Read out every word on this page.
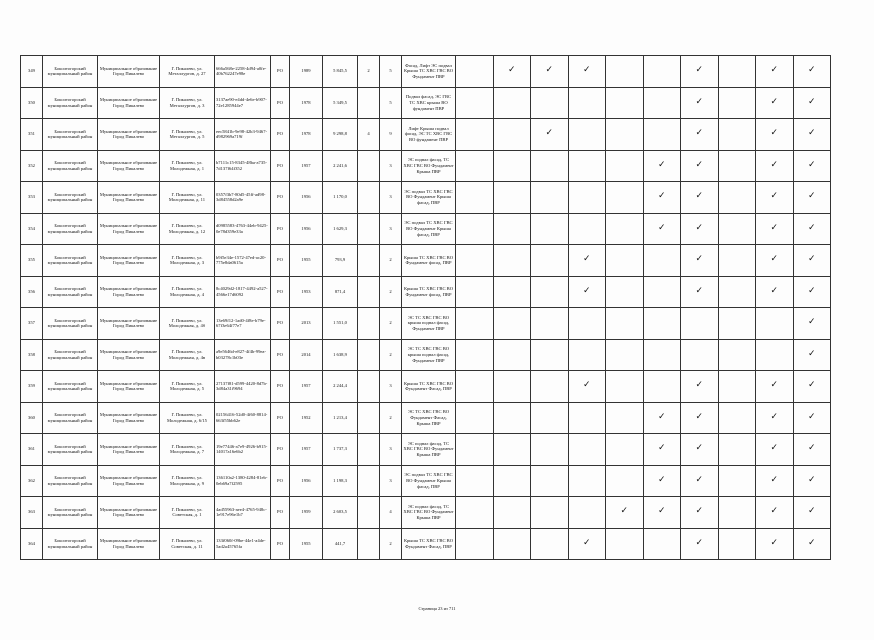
349	Бокситогорский муниципальный район	Муниципальное образование Город Пикалево	Г. Пикалево, ул. Металлургов, д. 27	666a568e-2258-4d94-a0fe-40b762247e98e	РО	1989	5 845,5	2	5	Фасад, Лифт ЭС подвал Крыша ТС ХВС ГВС ВО Фундамент ПВР		✓	✓	✓			✓		✓	✓
350	Бокситогорский муниципальный район	Муниципальное образование Город Пикалево	Г. Пикалево, ул. Металлургов, д. 3	3137ae90-e4dd-4e6e-b907-72e1285944e7	РО	1978	5 349,5		5	Подвал фасад, ЭС ГВС ТС ХВС крыша ВО фундамент ПВР							✓		✓	✓
351	Бокситогорский муниципальный район	Муниципальное образование Город Пикалево	Г. Пикалево, ул. Металлургов, д. 5	eec5841b-9e98-42b3-9467-d982969a719f	РО	1978	9 298,8	4	9	Лифт Крыша подвал фасад, ЭС ТС ХВС ГВС ВО фундамент ПВР			✓				✓		✓	✓
352	Бокситогорский муниципальный район	Муниципальное образование Город Пикалево	Г. Пикалево, ул. Молодежная, д. 1	b7111c15-8345-48ba-a735-7d137f64f352	РО	1957	2 241,6		3	ЭС подвал фасад, ТС ХВС ГВС ВО Фундамент Крыша ПВР						✓	✓		✓	✓
353	Бокситогорский муниципальный район	Муниципальное образование Город Пикалево	Г. Пикалево, ул. Молодежная, д. 11	0357f3b7-80d5-45ff-ad98-3d84558d2a9e	РО	1956	1 170,0		3	ЭС подвал ТС ХВС ГВС ВО Фундамент Крыша фасад, ПВР						✓	✓		✓	✓
354	Бокситогорский муниципальный район	Муниципальное образование Город Пикалево	Г. Пикалево, ул. Молодежная, д. 12	d0985583-4763-44eb-9425-0e78d359e33a	РО	1956	1 629,3		3	ЭС подвал ТС ХВС ГВС ВО Фундамент Крыша фасад, ПВР						✓	✓		✓	✓
355	Бокситогорский муниципальный район	Муниципальное образование Город Пикалево	Г. Пикалево, ул. Молодежная, д. 3	b9f5e34e-1572-47ed-ac20-775e8da0615a	РО	1955	793,9		2	Крыша ТС ХВС ГВС ВО Фундамент фасад, ПВР				✓			✓		✓	✓
356	Бокситогорский муниципальный район	Муниципальное образование Город Пикалево	Г. Пикалево, ул. Молодежная, д. 4	8c4029d2-1817-4492-a527-4566e17d6092	РО	1953	871,4		2	Крыша ТС ХВС ГВС ВО Фундамент фасад, ПВР				✓			✓		✓	✓
357	Бокситогорский муниципальный район	Муниципальное образование Город Пикалево	Г. Пикалево, ул. Молодежная, д. 4б	13e69f12-1ad0-4f8e-b79e-67f3e64f77e7	РО	2013	1 551,0		2	ЭС ТС ХВС ГВС ВО крыша подвал фасад, Фундамент ПВР										✓
358	Бокситогорский муниципальный район	Муниципальное образование Город Пикалево	Г. Пикалево, ул. Молодежная, д. 4в	a9e5646d-e827-4f4b-99ea-b03278c1b03e	РО	2014	1 638,9		2	ЭС ТС ХВС ГВС ВО крыша подвал фасад, Фундамент ПВР										✓
359	Бокситогорский муниципальный район	Муниципальное образование Город Пикалево	Г. Пикалево, ул. Молодежная, д. 5	27137f81-d599-4420-8d7b-3d84a31f9694	РО	1957	2 244,4		3	Крыша ТС ХВС ГВС ВО Фундамент Фасад, ПВР				✓			✓		✓	✓
360	Бокситогорский муниципальный район	Муниципальное образование Город Пикалево	Г. Пикалево, ул. Молодежная, д. 6/15	02156416-52d0-4f60-8814-663f55bb62e	РО	1952	1 213,4		2	ЭС ТС ХВС ГВС ВО Фундамент Фасад, Крыша ПВР						✓	✓		✓	✓
361	Бокситогорский муниципальный район	Муниципальное образование Город Пикалево	Г. Пикалево, ул. Молодежная, д. 7	19e77446-a7e9-4926-b915-14017a16e6b2	РО	1957	1 737,3		3	ЭС подвал фасад, ТС ХВС ГВС ВО Фундамент Крыша ПВР						✓	✓		✓	✓
362	Бокситогорский муниципальный район	Муниципальное образование Город Пикалево	Г. Пикалево, ул. Молодежная, д. 9	136110a2-1380-4284-81eb-0eb69a7f2595	РО	1956	1 198,3		3	ЭС подвал ТС ХВС ГВС ВО Фундамент Крыша фасад, ПВР						✓	✓		✓	✓
363	Бокситогорский муниципальный район	Муниципальное образование Город Пикалево	Г. Пикалево, ул. Советская, д. 1	4ad55963-aee4-4765-948c-1e917e96e1b7	РО	1959	2 603,5		4	ЭС подвал фасад, ТС ХВС ГВС ВО Фундамент Крыша ПВР					✓	✓	✓		✓	✓
364	Бокситогорский муниципальный район	Муниципальное образование Город Пикалево	Г. Пикалево, ул. Советская, д. 11	133f060f-09be-44e1-a4de-5ad2a45765fa	РО	1955	441,7		2	Крыша ТС ХВС ГВС ВО Фундамент Фасад, ПВР				✓			✓		✓	✓
Страница 23 из 711
